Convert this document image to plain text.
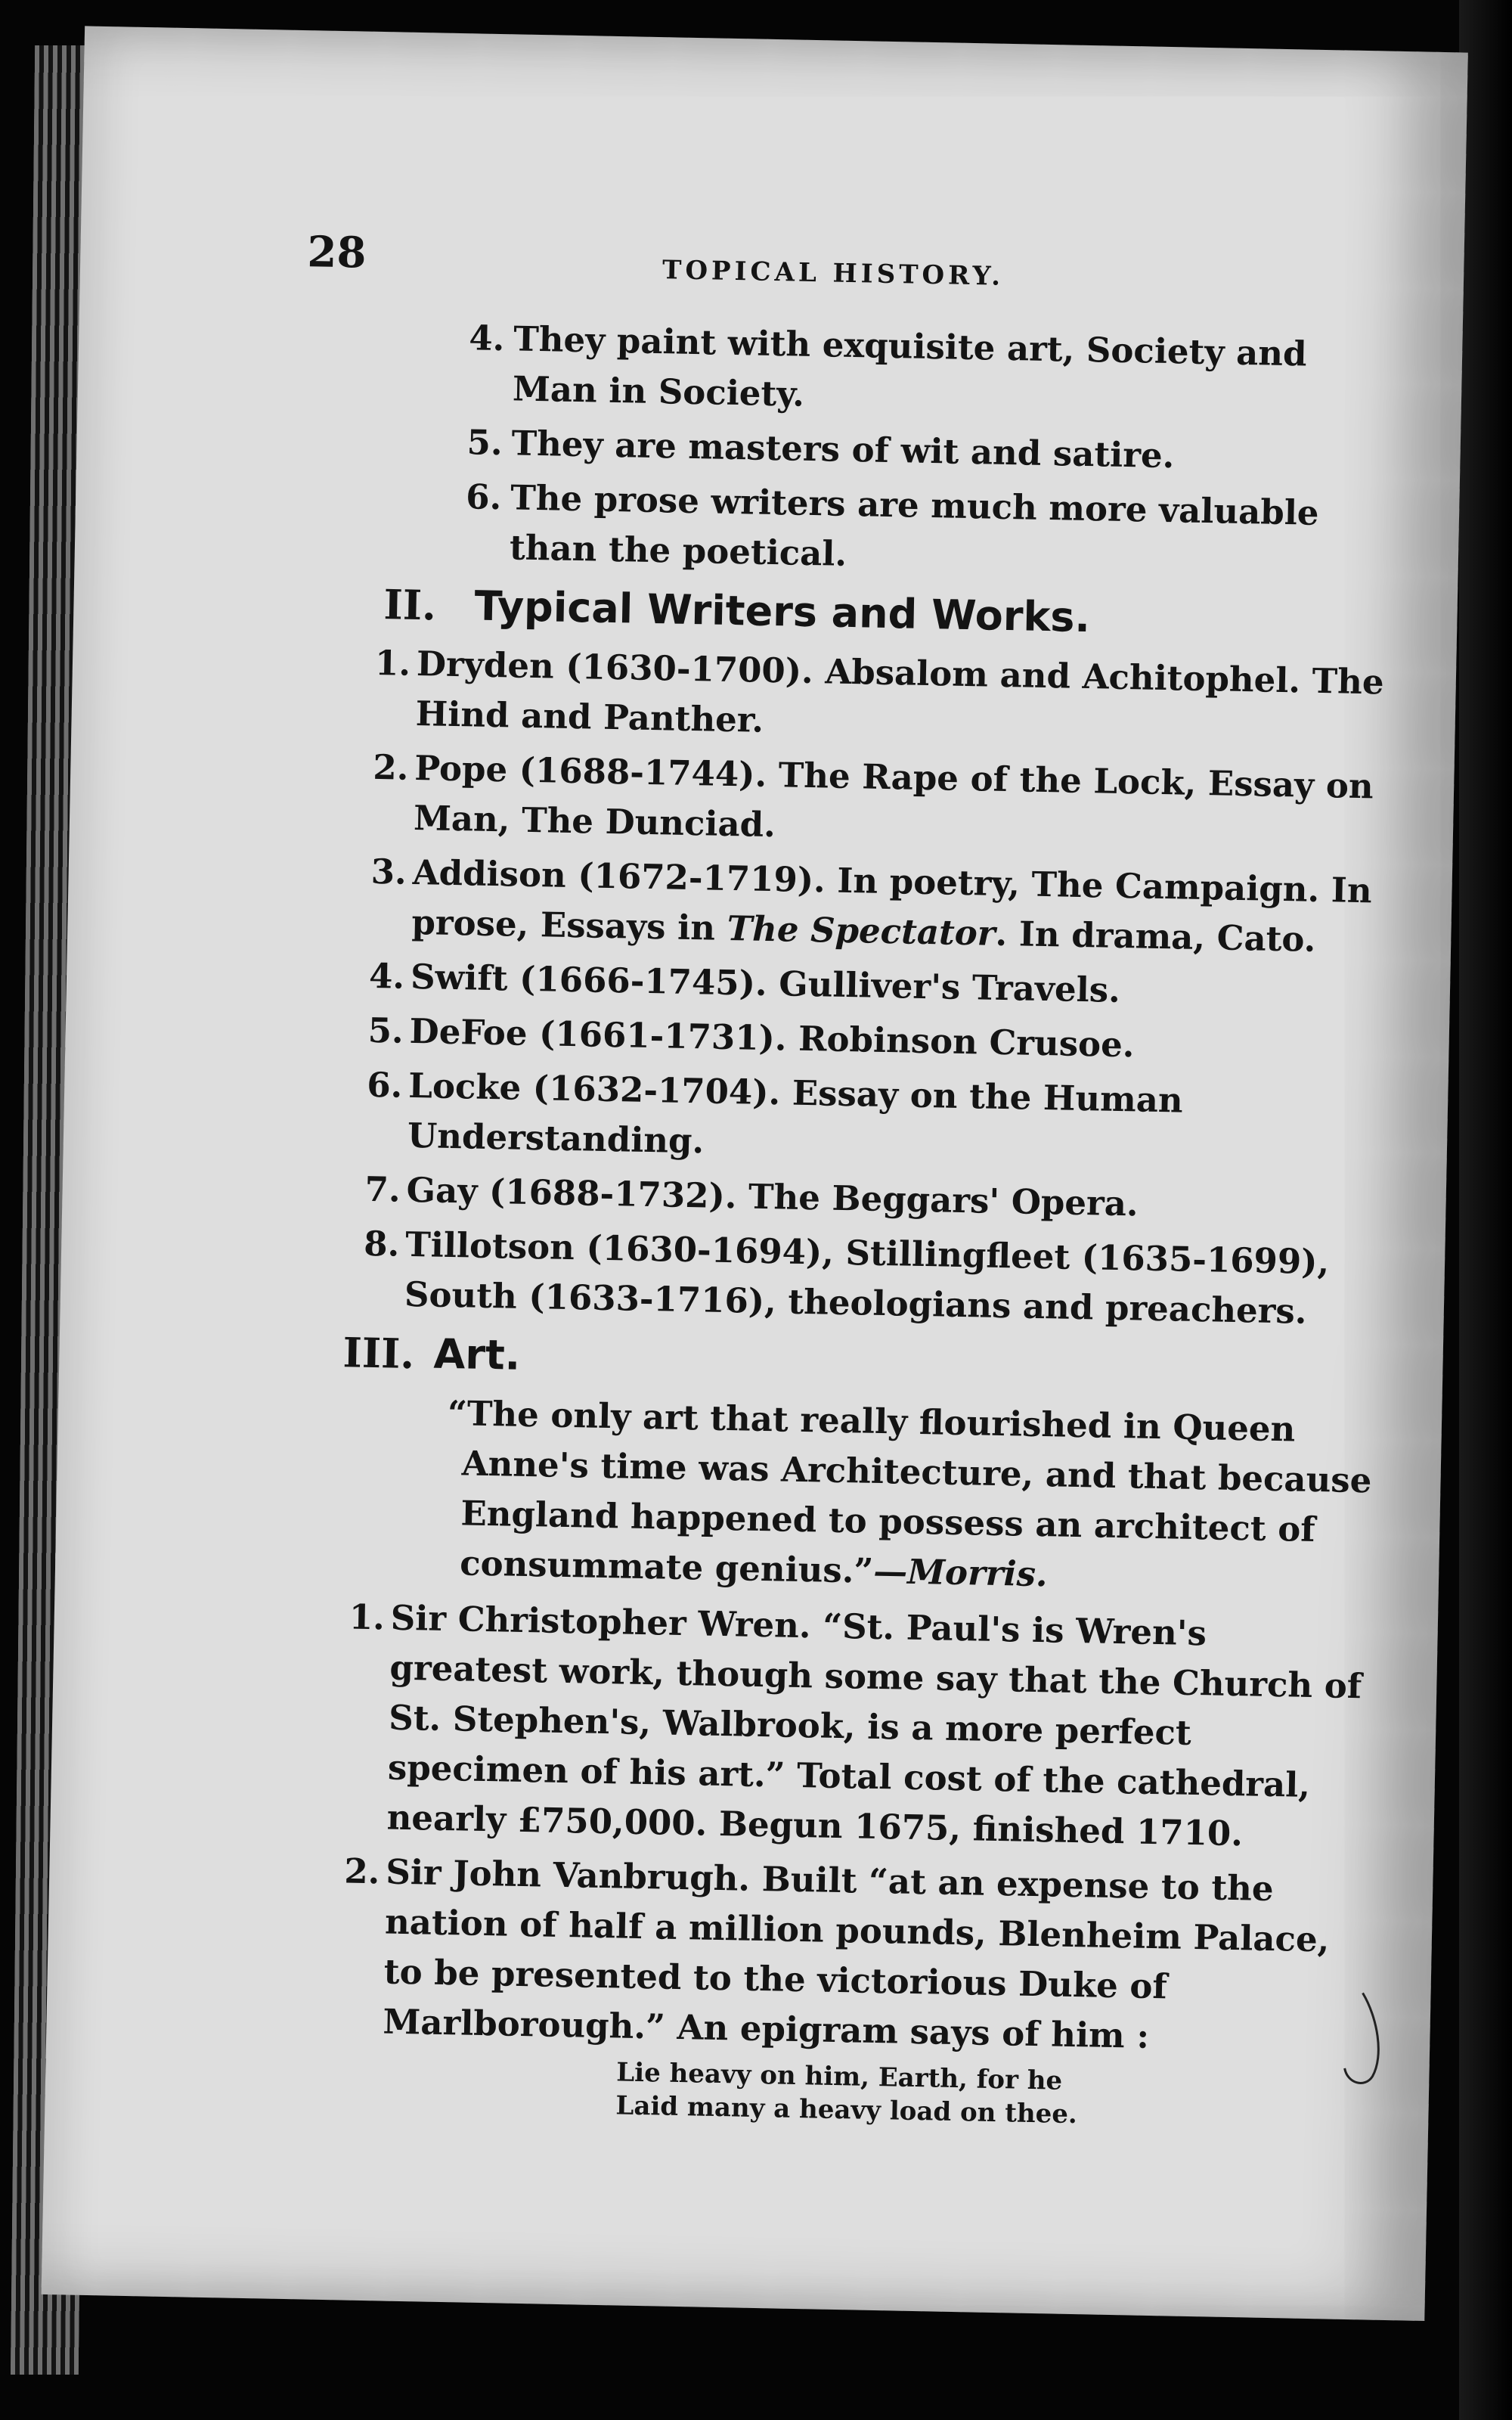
28	TOPICAL HISTORY.
4. They paint with exquisite art, Society and Man in Society.
5. They are masters of wit and satire.
6. The prose writers are much more valuable than the poetical.
II. Typical Writers and Works.
1. Dryden (1630-1700). Absalom and Achitophel. The Hind and Panther.
2. Pope (1688-1744). The Rape of the Lock, Essay on Man, The Dunciad.
3. Addison (1672-1719). In poetry, The Campaign. In prose, Essays in The Spectator. In drama, Cato.
4. Swift (1666-1745). Gulliver's Travels.
5. DeFoe (1661-1731). Robinson Crusoe.
6. Locke (1632-1704). Essay on the Human Understanding.
7. Gay (1688-1732). The Beggars' Opera.
8. Tillotson (1630-1694), Stillingfleet (1635-1699), South (1633-1716), theologians and preachers.
III. Art.
“The only art that really flourished in Queen Anne's time was Architecture, and that because England happened to possess an architect of consummate genius.”—Morris.
1. Sir Christopher Wren. “St. Paul's is Wren's greatest work, though some say that the Church of St. Stephen's, Walbrook, is a more perfect specimen of his art.” Total cost of the cathedral, nearly £750,000. Begun 1675, finished 1710.
2. Sir John Vanbrugh. Built “at an expense to the nation of half a million pounds, Blenheim Palace, to be presented to the victorious Duke of Marlborough.” An epigram says of him :
Lie heavy on him, Earth, for he
Laid many a heavy load on thee.
